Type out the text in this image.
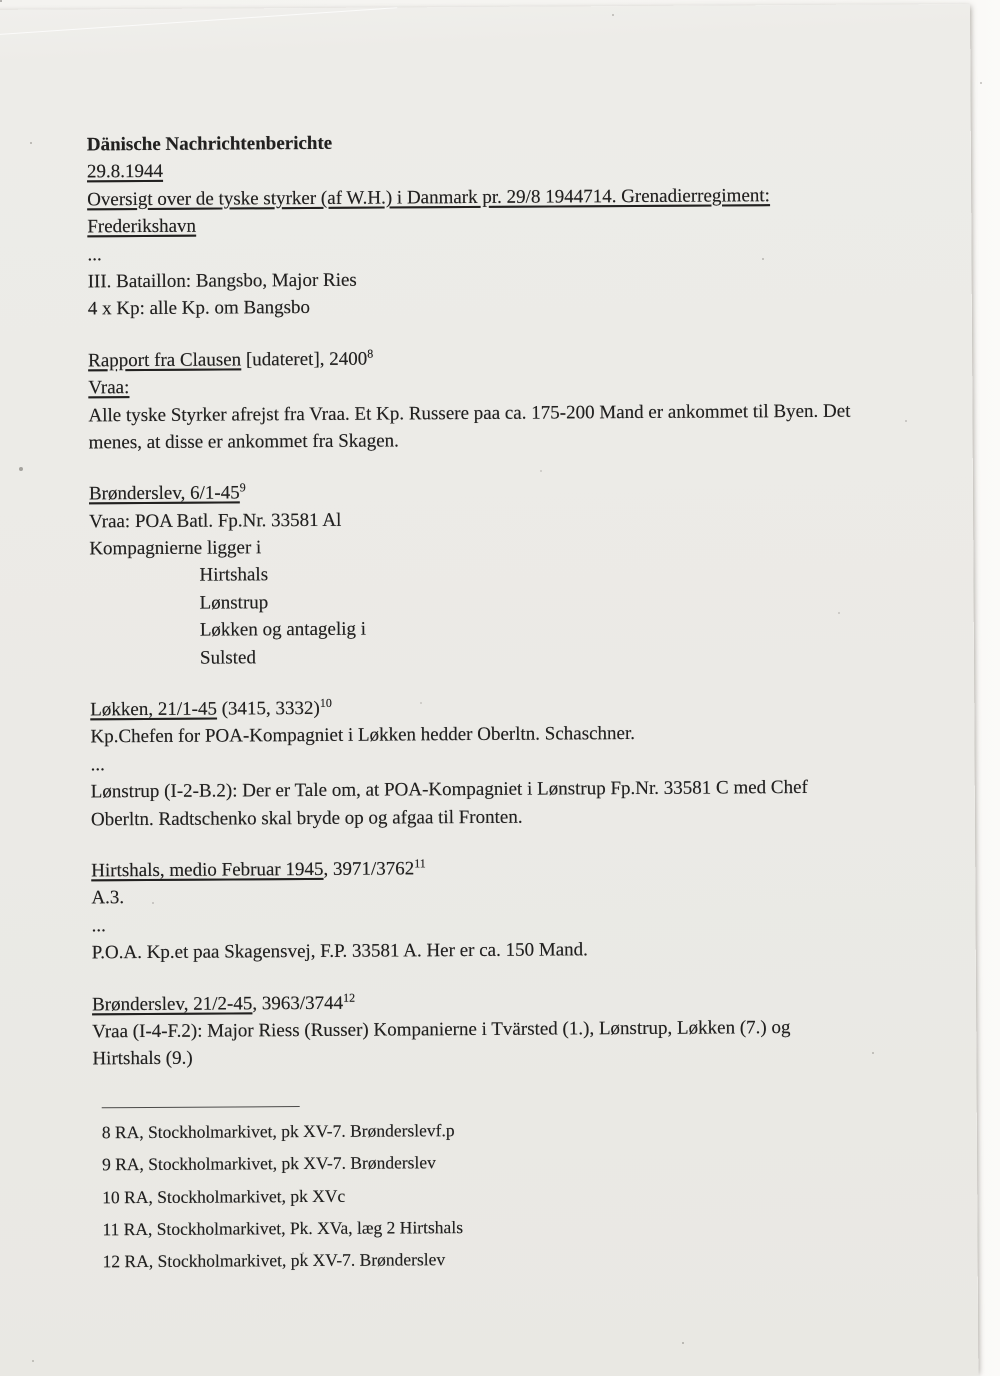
Dänische Nachrichtenberichte
29.8.1944
Oversigt over de tyske styrker (af W.H.) i Danmark pr. 29/8 1944714. Grenadierregiment:
Frederikshavn
...
III. Bataillon: Bangsbo, Major Ries
4 x Kp: alle Kp. om Bangsbo
Rapport fra Clausen [udateret], 2400$^8$
Vraa:
Alle tyske Styrker afrejst fra Vraa. Et Kp. Russere paa ca. 175-200 Mand er ankommet til Byen. Det
menes, at disse er ankommet fra Skagen.
Brønderslev, $6/1-45^9$
Vraa: POA Batl. Fp.Nr. 33581 Al
Kompagnierne ligger i
Hirtshals
Lønstrup
Løkken og antagelig i
Sulsted
Løkken, 21/1-45 (3415, 3332)$^{10}$
Kp.Chefen for POA-Kompagniet i Løkken hedder Oberltn. Schaschner.
...
Lønstrup (I-2-B.2): Der er Tale om, at POA-Kompagniet i Lønstrup Fp.Nr. 33581 C med Chef
Oberltn. Radtschenko skal bryde op og afgaa til Fronten.
Hirtshals, medio Februar 1945, 3971/3762$^{11}$
A.3.
...
P.O.A. Kp.et paa Skagensvej, F.P. 33581 A. Her er ca. 150 Mand.
Brønderslev, 21/2-45, 3963/3744$^{12}$
Vraa (I-4-F.2): Major Riess (Russer) Kompanierne i Tvärsted (1.), Lønstrup, Løkken (7.) og
Hirtshals (9.)
8 RA, Stockholmarkivet, pk XV-7. Brønderslevf.p
9 RA, Stockholmarkivet, pk XV-7. Brønderslev
10 RA, Stockholmarkivet, pk XVc
11 RA, Stockholmarkivet, Pk. XVa, læg 2 Hirtshals
12 RA, Stockholmarkivet, pk XV-7. Brønderslev
